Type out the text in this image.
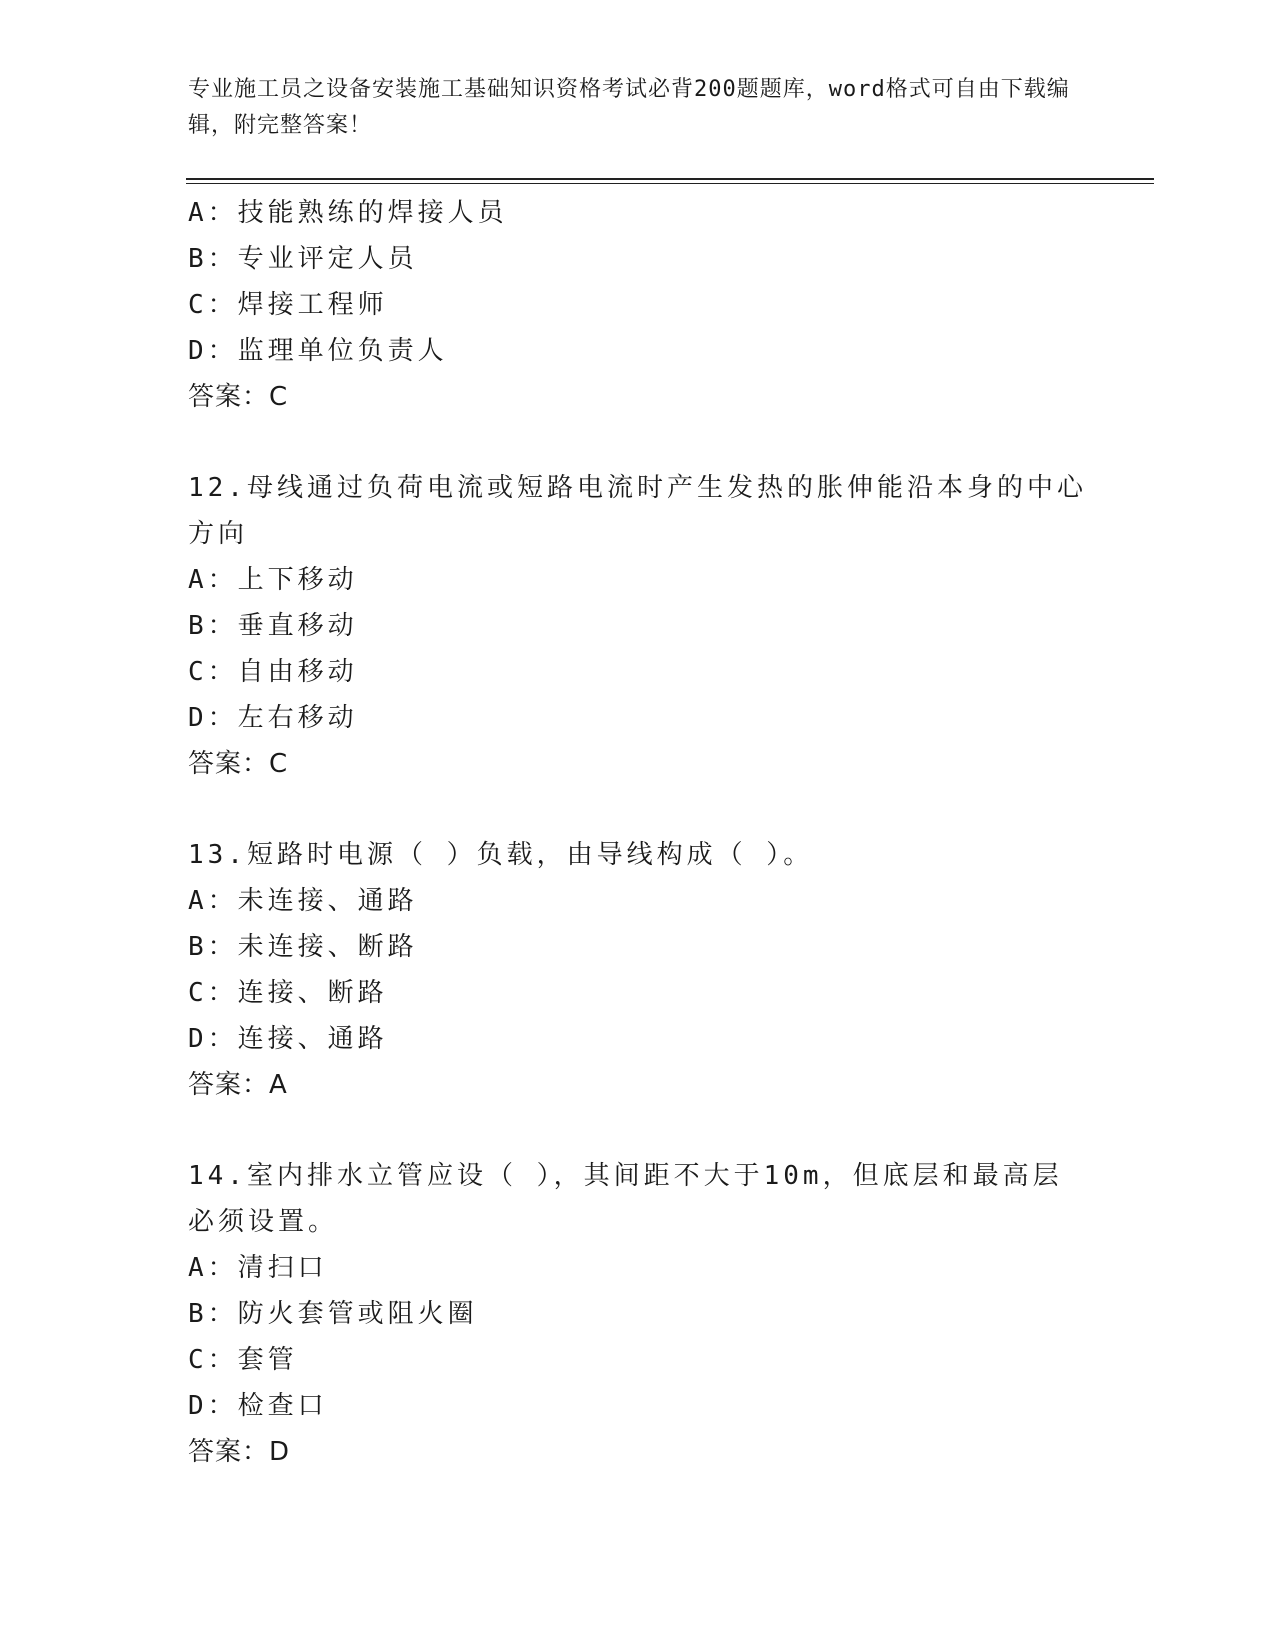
专业施工员之设备安装施工基础知识资格考试必背200题题库，word格式可自由下载编辑，附完整答案！
A：技能熟练的焊接人员
B：专业评定人员
C：焊接工程师
D：监理单位负责人
答案：C
12.母线通过负荷电流或短路电流时产生发热的胀伸能沿本身的中心方向
A：上下移动
B：垂直移动
C：自由移动
D：左右移动
答案：C
13.短路时电源（ ）负载，由导线构成（ ）。
A：未连接、通路
B：未连接、断路
C：连接、断路
D：连接、通路
答案：A
14.室内排水立管应设（ ），其间距不大于10m，但底层和最高层必须设置。
A：清扫口
B：防火套管或阻火圈
C：套管
D：检查口
答案：D
